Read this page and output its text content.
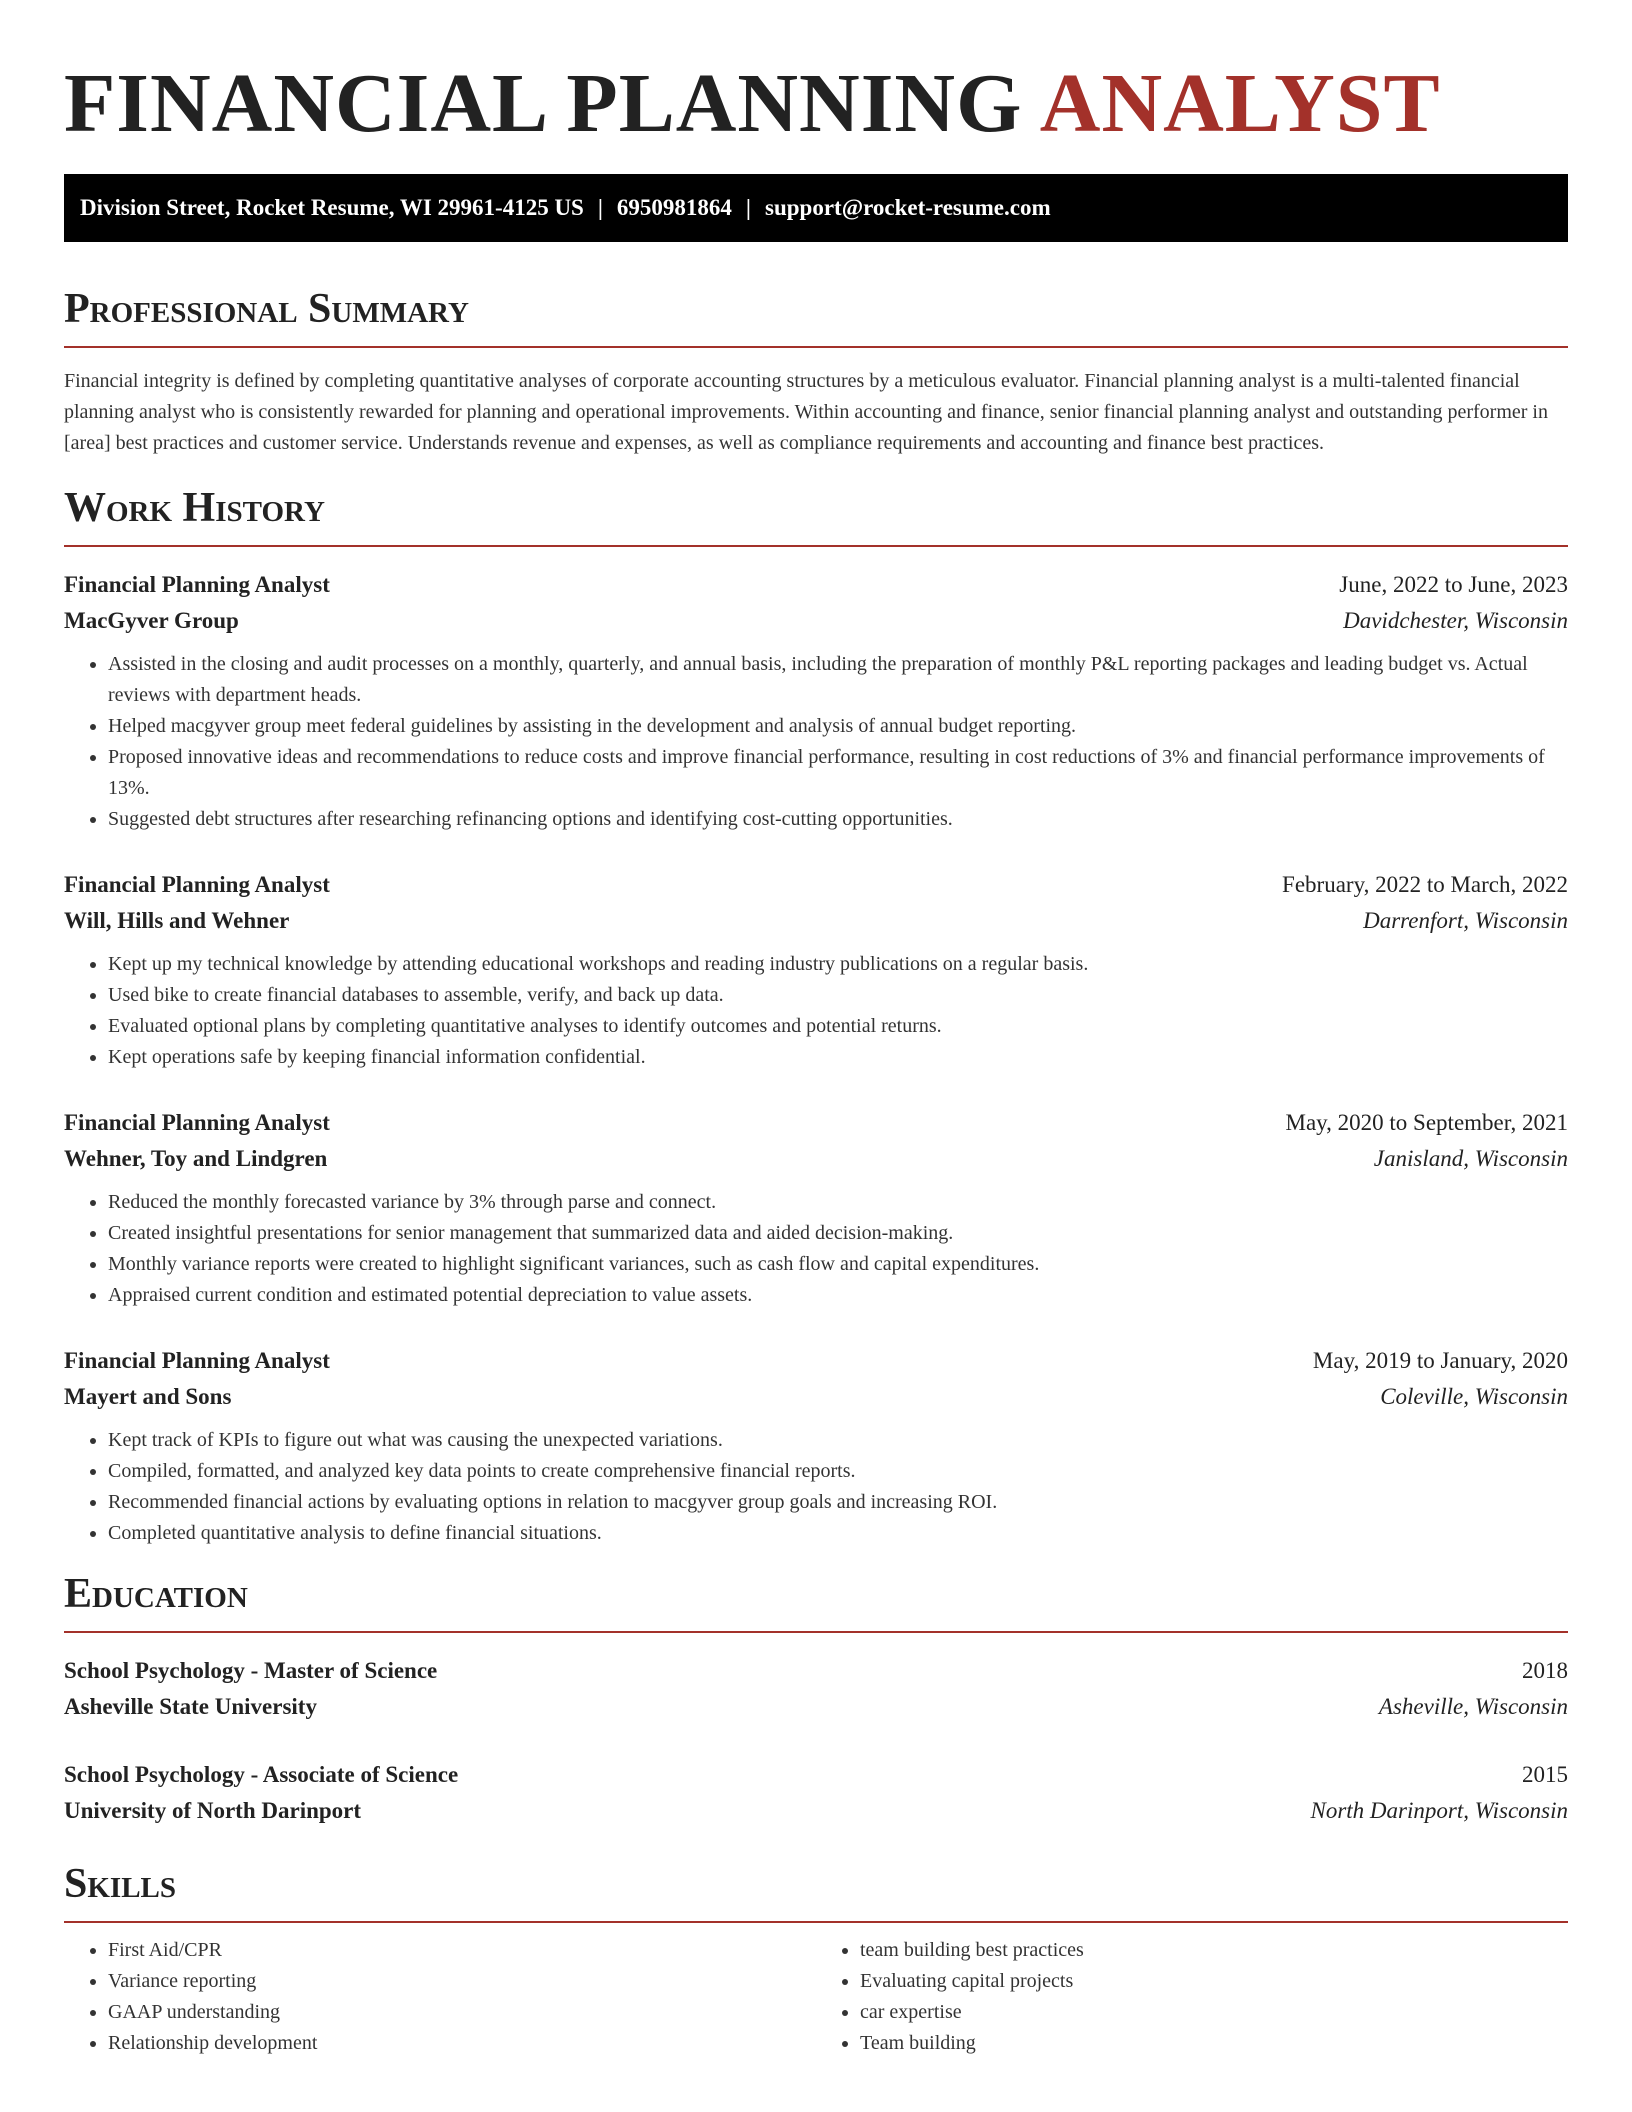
FINANCIAL PLANNING ANALYST
Division Street, Rocket Resume, WI 29961-4125 US | 6950981864 | support@rocket-resume.com
Professional Summary

Financial integrity is defined by completing quantitative analyses of corporate accounting structures by a meticulous evaluator. Financial planning analyst is a multi-talented financial planning analyst who is consistently rewarded for planning and operational improvements. Within accounting and finance, senior financial planning analyst and outstanding performer in [area] best practices and customer service. Understands revenue and expenses, as well as compliance requirements and accounting and finance best practices.

Work History
Financial Planning Analyst	June, 2022 to June, 2023
MacGyver Group	Davidchester, Wisconsin
• Assisted in the closing and audit processes on a monthly, quarterly, and annual basis, including the preparation of monthly P&L reporting packages and leading budget vs. Actual reviews with department heads.
• Helped macgyver group meet federal guidelines by assisting in the development and analysis of annual budget reporting.
• Proposed innovative ideas and recommendations to reduce costs and improve financial performance, resulting in cost reductions of 3% and financial performance improvements of 13%.
• Suggested debt structures after researching refinancing options and identifying cost-cutting opportunities.
Financial Planning Analyst	February, 2022 to March, 2022
Will, Hills and Wehner	Darrenfort, Wisconsin
• Kept up my technical knowledge by attending educational workshops and reading industry publications on a regular basis.
• Used bike to create financial databases to assemble, verify, and back up data.
• Evaluated optional plans by completing quantitative analyses to identify outcomes and potential returns.
• Kept operations safe by keeping financial information confidential.
Financial Planning Analyst	May, 2020 to September, 2021
Wehner, Toy and Lindgren	Janisland, Wisconsin
• Reduced the monthly forecasted variance by 3% through parse and connect.
• Created insightful presentations for senior management that summarized data and aided decision-making.
• Monthly variance reports were created to highlight significant variances, such as cash flow and capital expenditures.
• Appraised current condition and estimated potential depreciation to value assets.
Financial Planning Analyst	May, 2019 to January, 2020
Mayert and Sons	Coleville, Wisconsin
• Kept track of KPIs to figure out what was causing the unexpected variations.
• Compiled, formatted, and analyzed key data points to create comprehensive financial reports.
• Recommended financial actions by evaluating options in relation to macgyver group goals and increasing ROI.
• Completed quantitative analysis to define financial situations.
Education
School Psychology - Master of Science	2018
Asheville State University	Asheville, Wisconsin
School Psychology - Associate of Science	2015
University of North Darinport	North Darinport, Wisconsin
Skills
• First Aid/CPR
• Variance reporting
• GAAP understanding
• Relationship development
• team building best practices
• Evaluating capital projects
• car expertise
• Team building
